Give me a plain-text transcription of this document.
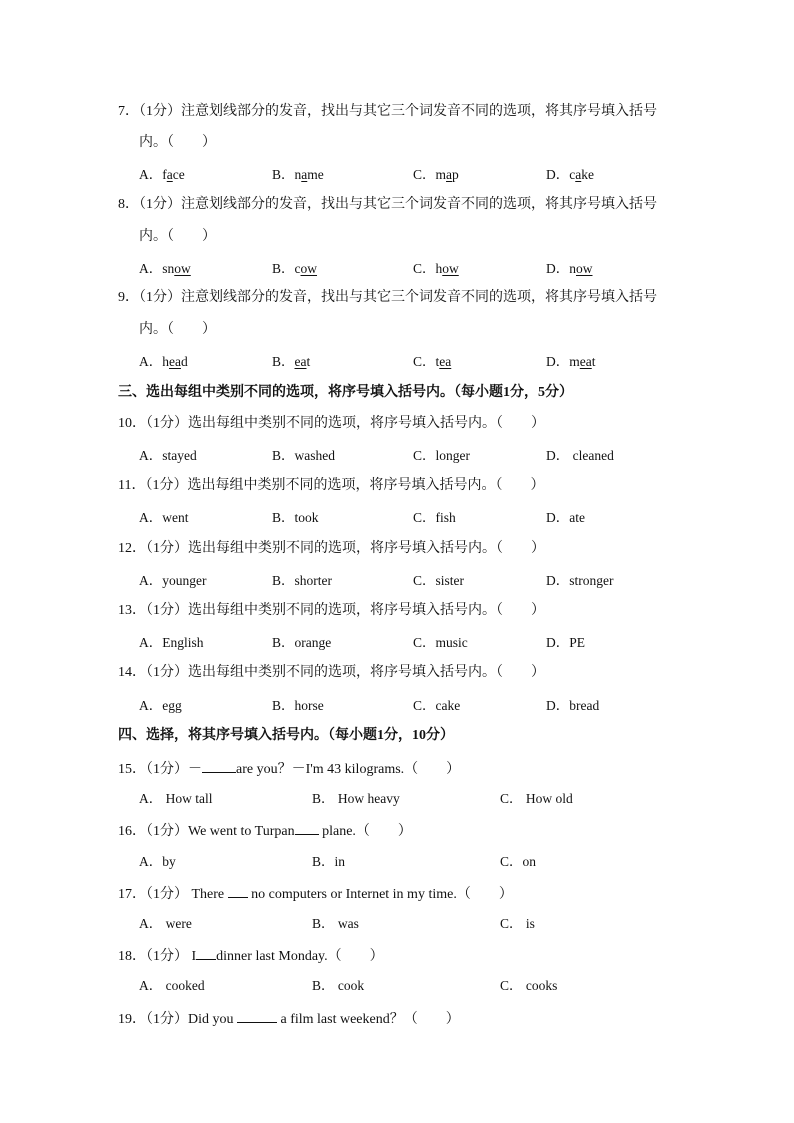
7．（1分）注意划线部分的发音，找出与其它三个词发音不同的选项，将其序号填入括号
内。（　　）
A．face	B．name	C．map	D．cake
8．（1分）注意划线部分的发音，找出与其它三个词发音不同的选项，将其序号填入括号
内。（　　）
A．snow	B．cow	C．how	D．now
9．（1分）注意划线部分的发音，找出与其它三个词发音不同的选项，将其序号填入括号
内。（　　）
A．head	B．eat	C．tea	D．meat
三、选出每组中类别不同的选项，将序号填入括号内。（每小题1分，5分）
10．（1分）选出每组中类别不同的选项，将序号填入括号内。（　　）
A．stayed	B．washed	C．longer	D． cleaned
11．（1分）选出每组中类别不同的选项，将序号填入括号内。（　　）
A．went	B．took	C．fish	D．ate
12．（1分）选出每组中类别不同的选项，将序号填入括号内。（　　）
A．younger	B．shorter	C．sister	D．stronger
13．（1分）选出每组中类别不同的选项，将序号填入括号内。（　　）
A．English	B．orange	C．music	D．PE
14．（1分）选出每组中类别不同的选项，将序号填入括号内。（　　）
A．egg	B．horse	C．cake	D．bread
四、选择，将其序号填入括号内。（每小题1分，10分）
15．（1分）－ are you？－I'm 43 kilograms.（　　）
A． How tall	B． How heavy	C． How old
16．（1分）We went to Turpan plane.（　　）
A．by	B．in	C．on
17．（1分） There  no computers or Internet in my time.（　　）
A． were	B． was	C． is
18．（1分） I dinner last Monday.（　　）
A． cooked	B． cook	C． cooks
19．（1分）Did you	a film last weekend？（　　）
